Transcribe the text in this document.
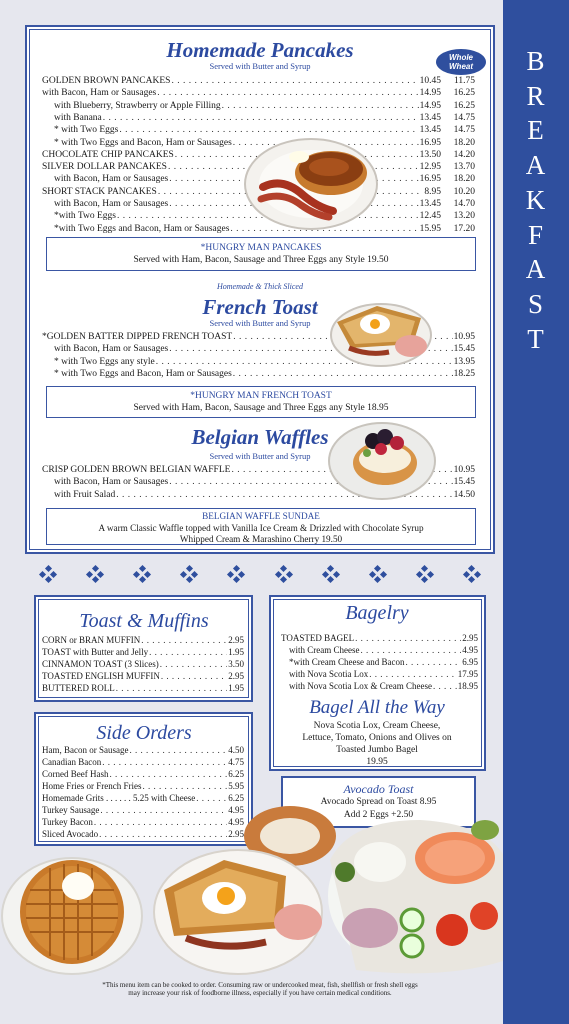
B
R
E
A
K
F
A
S
T
Homemade Pancakes
Served with Butter and Syrup
Whole
Wheat
GOLDEN BROWN PANCAKES . . .	10.45	11.75
with Bacon, Ham or Sausages . . .	14.95	16.25
with Blueberry, Strawberry or Apple Filling . . .	14.95	16.25
with Banana . . .	13.45	14.75
* with Two Eggs . . .	13.45	14.75
* with Two Eggs and Bacon, Ham or Sausages . . .	16.95	18.20
CHOCOLATE CHIP PANCAKES . . .	13.50	14.20
SILVER DOLLAR PANCAKES . . .	12.95	13.70
with Bacon, Ham or Sausages . . .	16.95	18.20
SHORT STACK PANCAKES . . .	8.95	10.20
with Bacon, Ham or Sausages . . .	13.45	14.70
*with Two Eggs . . .	12.45	13.20
*with Two Eggs and Bacon, Ham or Sausages . . .	15.95	17.20
*HUNGRY MAN PANCAKES
Served with Ham, Bacon, Sausage and Three Eggs any Style 19.50
Homemade & Thick Sliced
French Toast
Served with Butter and Syrup
*GOLDEN BATTER DIPPED FRENCH TOAST . . .	10.95
with Bacon, Ham or Sausages . . .	15.45
* with Two Eggs any style . . .	13.95
* with Two Eggs and Bacon, Ham or Sausages . . .	18.25
*HUNGRY MAN FRENCH TOAST
Served with Ham, Bacon, Sausage and Three Eggs any Style 18.95
Belgian Waffles
Served with Butter and Syrup
CRISP GOLDEN BROWN BELGIAN WAFFLE . . .	10.95
with Bacon, Ham or Sausages . . .	15.45
with Fruit Salad . . .	14.50
BELGIAN WAFFLE SUNDAE
A warm Classic Waffle topped with Vanilla Ice Cream & Drizzled with Chocolate Syrup
Whipped Cream & Marashino Cherry 19.50
Toast & Muffins
CORN or BRAN MUFFIN . . .	2.95
TOAST with Butter and Jelly . . .	1.95
CINNAMON TOAST (3 Slices) . . .	3.50
TOASTED ENGLISH MUFFIN . . .	2.95
BUTTERED ROLL . . .	1.95
Side Orders
Ham, Bacon or Sausage . . .	4.50
Canadian Bacon . . .	4.75
Corned Beef Hash . . .	6.25
Home Fries or French Fries . . .	5.95
Homemade Grits . . . . . . 5.25 with Cheese . . .	6.25
Turkey Sausage . . .	4.95
Turkey Bacon . . .	4.95
Sliced Avocado . . .	2.95
Bagelry
TOASTED BAGEL . . .	2.95
with Cream Cheese . . .	4.95
*with Cream Cheese and Bacon . . .	6.95
with Nova Scotia Lox . . .	17.95
with Nova Scotia Lox & Cream Cheese . . .	18.95
Bagel All the Way
Nova Scotia Lox, Cream Cheese,
Lettuce, Tomato, Onions and Olives on
Toasted Jumbo Bagel
19.95
Avocado Toast
Avocado Spread on Toast 8.95
Add 2 Eggs +2.50
*This menu item can be cooked to order. Consuming raw or undercooked meat, fish, shellfish or fresh shell eggs
may increase your risk of foodborne illness, especially if you have certain medical conditions.
